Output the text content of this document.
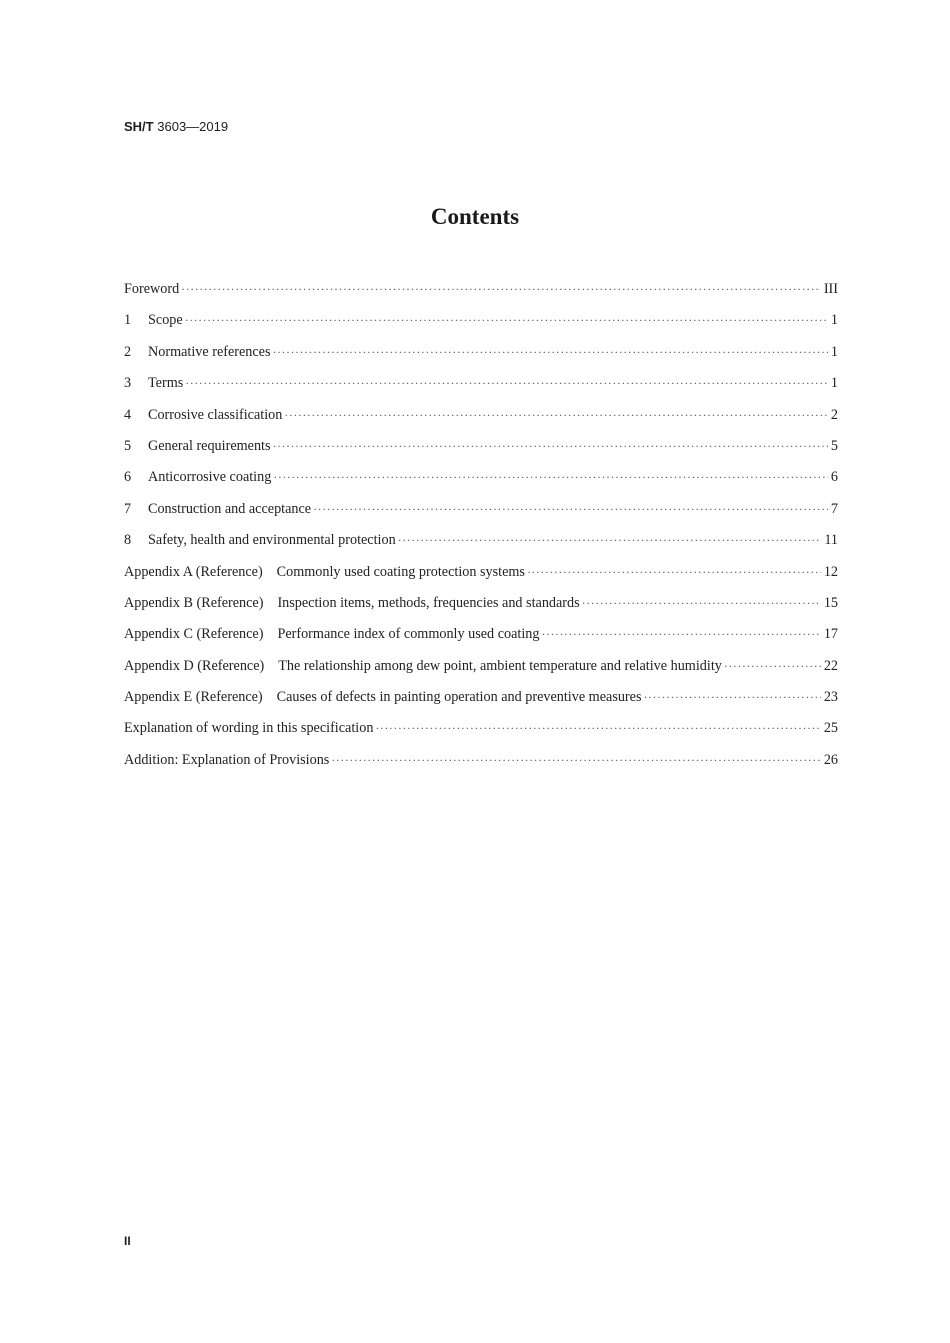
SH/T 3603—2019
Contents
Foreword ·····	III
1	Scope ·····	1
2	Normative references ·····	1
3	Terms ·····	1
4	Corrosive classification ·····	2
5	General requirements ·····	5
6	Anticorrosive coating ·····	6
7	Construction and acceptance ·····	7
8	Safety, health and environmental protection ·····	11
Appendix A (Reference) Commonly used coating protection systems ·····	12
Appendix B (Reference) Inspection items, methods, frequencies and standards ·····	15
Appendix C (Reference) Performance index of commonly used coating ·····	17
Appendix D (Reference) The relationship among dew point, ambient temperature and relative humidity ·····	22
Appendix E (Reference) Causes of defects in painting operation and preventive measures ·····	23
Explanation of wording in this specification ·····	25
Addition: Explanation of Provisions ·····	26
II
